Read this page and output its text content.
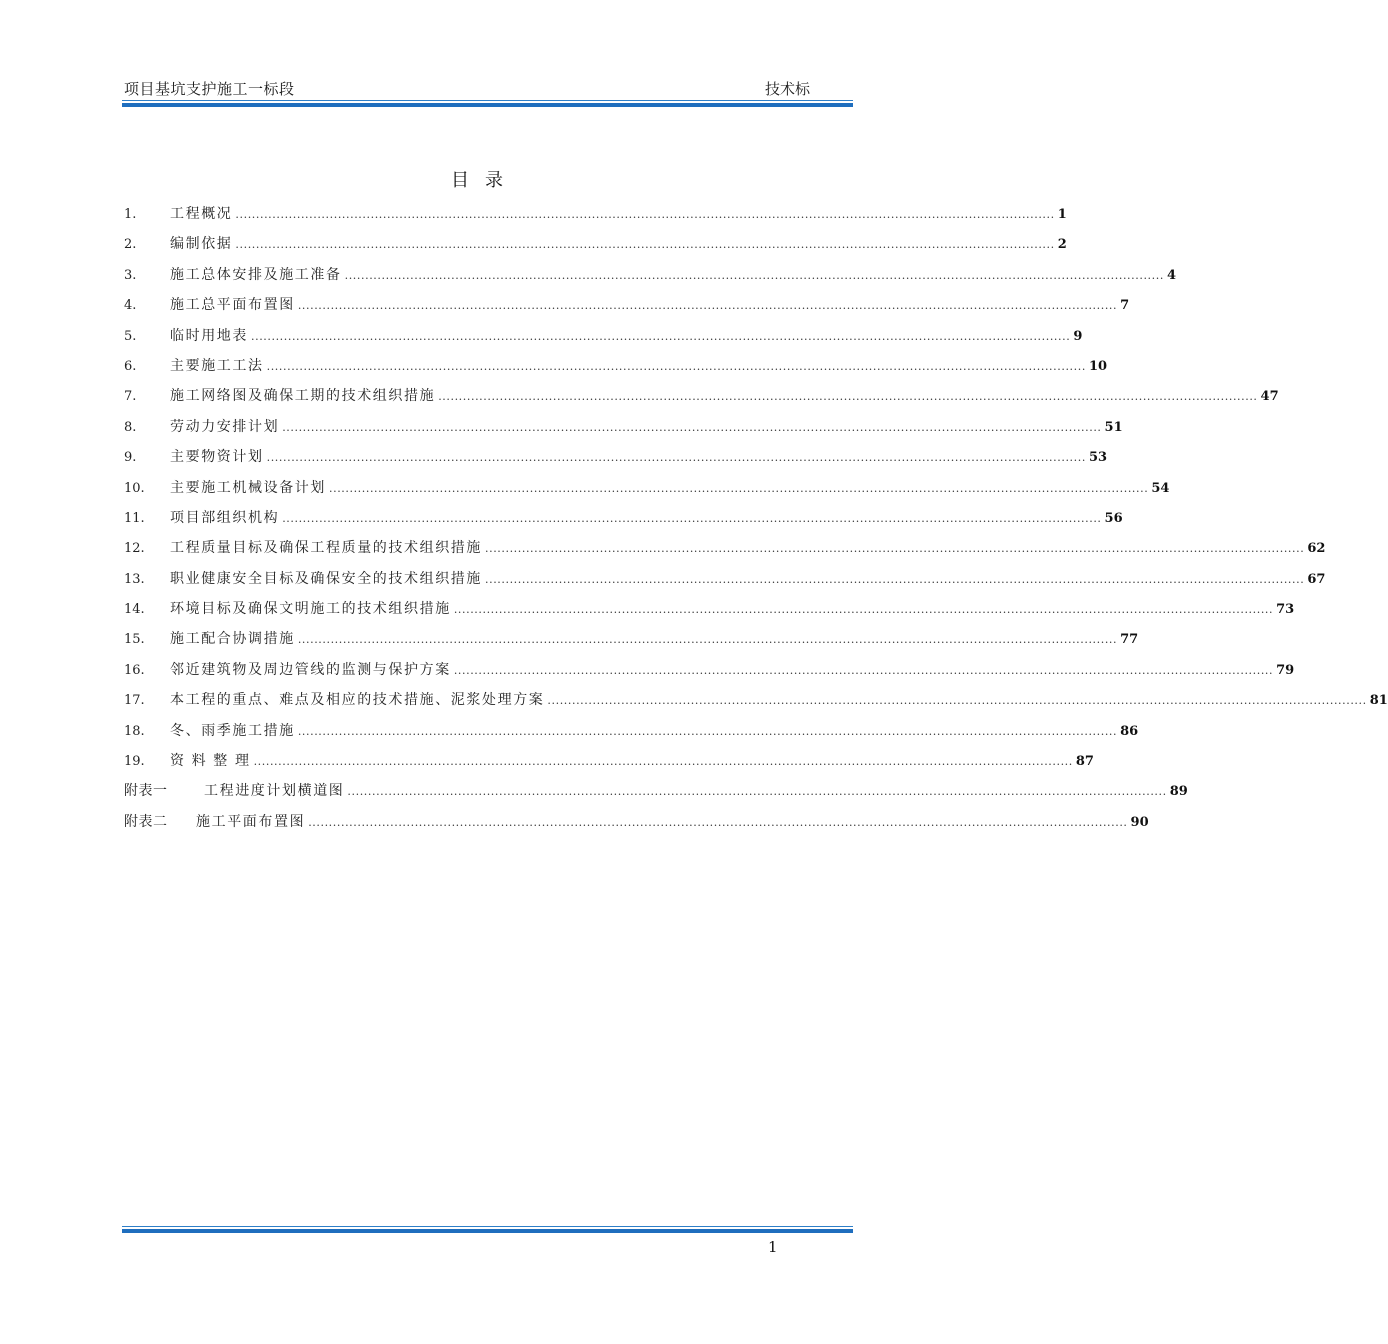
项目基坑支护施工一标段	技术标
目录
1.	工程概况 ........................................................................................................................................................................................................ 1
2.	编制依据 ........................................................................................................................................................................................................ 2
3.	施工总体安排及施工准备 ........................................................................................................................................................................................................ 4
4.	施工总平面布置图 ........................................................................................................................................................................................................ 7
5.	临时用地表 ........................................................................................................................................................................................................ 9
6.	主要施工工法 ........................................................................................................................................................................................................ 10
7.	施工网络图及确保工期的技术组织措施 ........................................................................................................................................................................................................ 47
8.	劳动力安排计划 ........................................................................................................................................................................................................ 51
9.	主要物资计划 ........................................................................................................................................................................................................ 53
10.	主要施工机械设备计划 ........................................................................................................................................................................................................ 54
11.	项目部组织机构 ........................................................................................................................................................................................................ 56
12.	工程质量目标及确保工程质量的技术组织措施 ........................................................................................................................................................................................................ 62
13.	职业健康安全目标及确保安全的技术组织措施 ........................................................................................................................................................................................................ 67
14.	环境目标及确保文明施工的技术组织措施 ........................................................................................................................................................................................................ 73
15.	施工配合协调措施 ........................................................................................................................................................................................................ 77
16.	邻近建筑物及周边管线的监测与保护方案 ........................................................................................................................................................................................................ 79
17.	本工程的重点、难点及相应的技术措施、泥浆处理方案 ........................................................................................................................................................................................................ 81
18.	冬、雨季施工措施 ........................................................................................................................................................................................................ 86
19.	资 料 整 理 ........................................................................................................................................................................................................ 87
附表一	工程进度计划横道图 ........................................................................................................................................................................................................ 89
附表二	施工平面布置图 ........................................................................................................................................................................................................ 90
1
